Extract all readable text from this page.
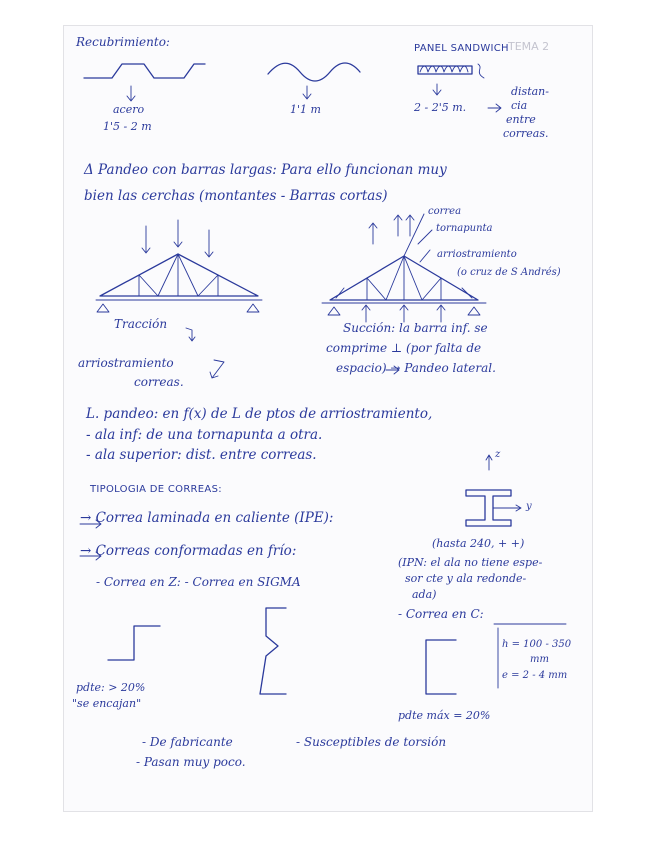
TEMA 2
Recubrimiento:	PANEL SANDWICH
acero
1'5 - 2 m
1'1 m	2 - 2'5 m.
distan-
cia
entre
correas.
Δ Pandeo con barras largas: Para ello funcionan muy
bien las cerchas (montantes - Barras cortas)
correa
tornapunta
arriostramiento
(o cruz de S Andrés)
Tracción
arriostramiento
correas.
Succión: la barra inf. se
comprime ⊥ (por falta de
espacio) → Pandeo lateral.
L. pandeo: en f(x) de L de ptos de arriostramiento,
- ala inf: de una tornapunta a otra.
- ala superior: dist. entre correas.
TIPOLOGIA DE CORREAS:
z
y
→ Correa laminada en caliente (IPE):
(hasta 240, + +)
→ Correas conformadas en frío:
(IPN: el ala no tiene espe-
sor cte y ala redonde-
ada)
- Correa en Z: - Correa en SIGMA
- Correa en C:
h = 100 - 350
mm
e = 2 - 4 mm
pdte: > 20%
"se encajan"
pdte máx = 20%
- De fabricante	- Susceptibles de torsión
- Pasan muy poco.
